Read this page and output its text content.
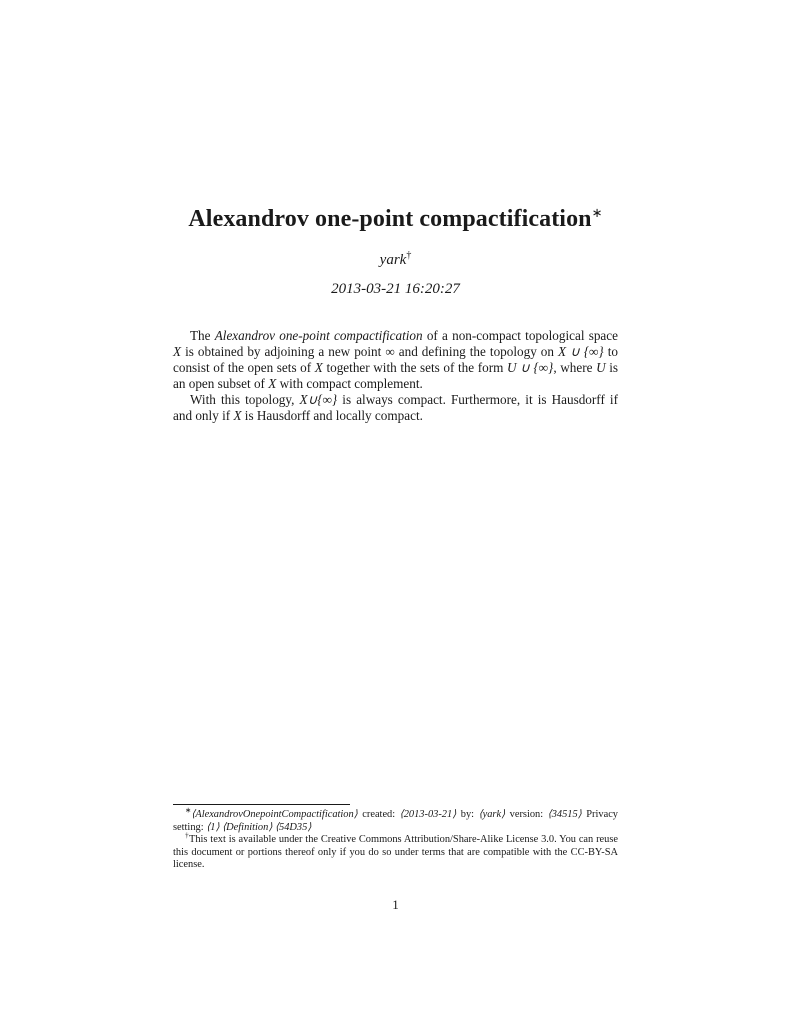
Alexandrov one-point compactification∗
yark†
2013-03-21 16:20:27

The Alexandrov one-point compactification of a non-compact topological space X is obtained by adjoining a new point ∞ and defining the topology on X ∪ {∞} to consist of the open sets of X together with the sets of the form U ∪ {∞}, where U is an open subset of X with compact complement.

With this topology, X∪{∞} is always compact. Furthermore, it is Hausdorff if and only if X is Hausdorff and locally compact.

∗⟨AlexandrovOnepointCompactification⟩ created: ⟨2013-03-21⟩ by: ⟨yark⟩ version: ⟨34515⟩ Privacy setting: ⟨1⟩ ⟨Definition⟩ ⟨54D35⟩

†This text is available under the Creative Commons Attribution/Share-Alike License 3.0. You can reuse this document or portions thereof only if you do so under terms that are compatible with the CC-BY-SA license.

1
